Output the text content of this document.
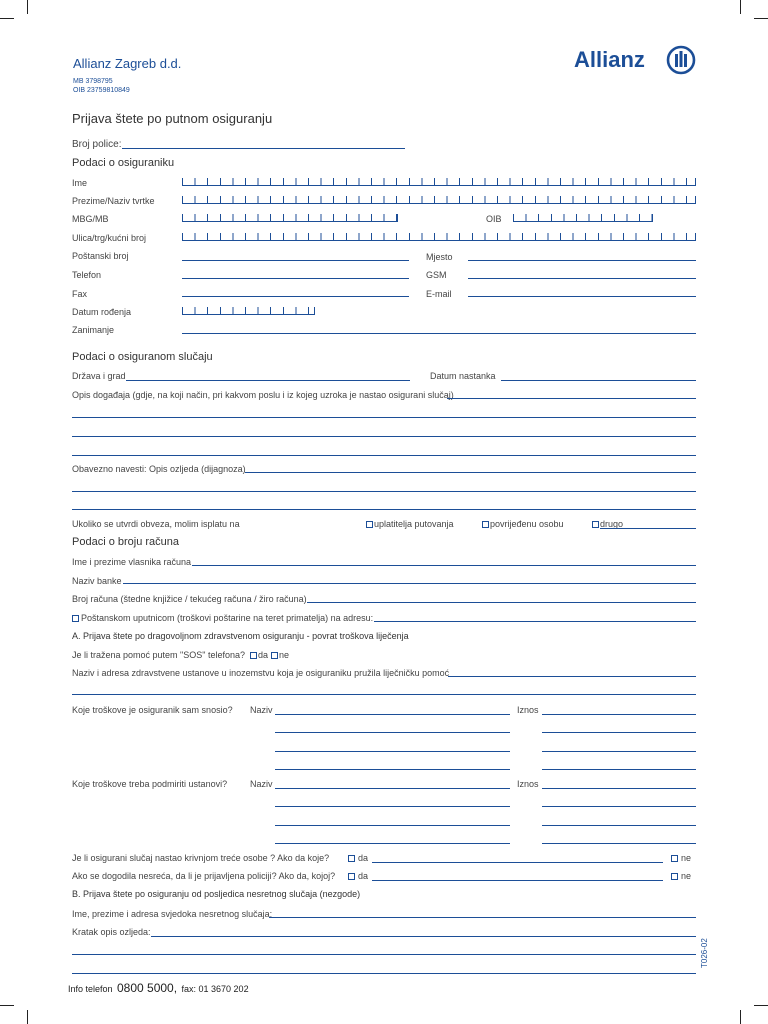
Allianz Zagreb d.d.
MB 3798795
OIB 23759810849
Allianz
Prijava štete po putnom osiguranju
Broj police:
Podaci o osiguraniku
Ime
Prezime/Naziv tvrtke
MBG/MB	OIB
Ulica/trg/kućni broj
Poštanski broj	Mjesto
Telefon	GSM
Fax	E-mail
Datum rođenja
Zanimanje
Podaci o osiguranom slučaju
Država i grad	Datum nastanka
Opis događaja (gdje, na koji način, pri kakvom poslu i iz kojeg uzroka je nastao osigurani slučaj)
Obavezno navesti: Opis ozljeda (dijagnoza)
Ukoliko se utvrdi obveza, molim isplatu na	uplatitelja putovanja	povrijeđenu osobu	drugo
Podaci o broju računa
Ime i prezime vlasnika računa
Naziv banke
Broj računa (štedne knjižice / tekućeg računa / žiro računa)
Poštanskom uputnicom (troškovi poštarine na teret primatelja) na adresu:
A. Prijava štete po dragovoljnom zdravstvenom osiguranju - povrat troškova liječenja
Je li tražena pomoć putem "SOS" telefona? da ne
Naziv i adresa zdravstvene ustanove u inozemstvu koja je osiguraniku pružila liječničku pomoć
Koje troškove je osiguranik sam snosio? Naziv	Iznos
Koje troškove treba podmiriti ustanovi?	Naziv	Iznos
Je li osigurani slučaj nastao krivnjom treće osobe ? Ako da koje?	da	ne
Ako se dogodila nesreća, da li je prijavljena policiji? Ako da, kojoj?	da	ne
B. Prijava štete po osiguranju od posljedica nesretnog slučaja (nezgode)
Ime, prezime i adresa svjedoka nesretnog slučaja:
Kratak opis ozljeda:
T026-02
Info telefon 0800 5000, fax: 01 3670 202
